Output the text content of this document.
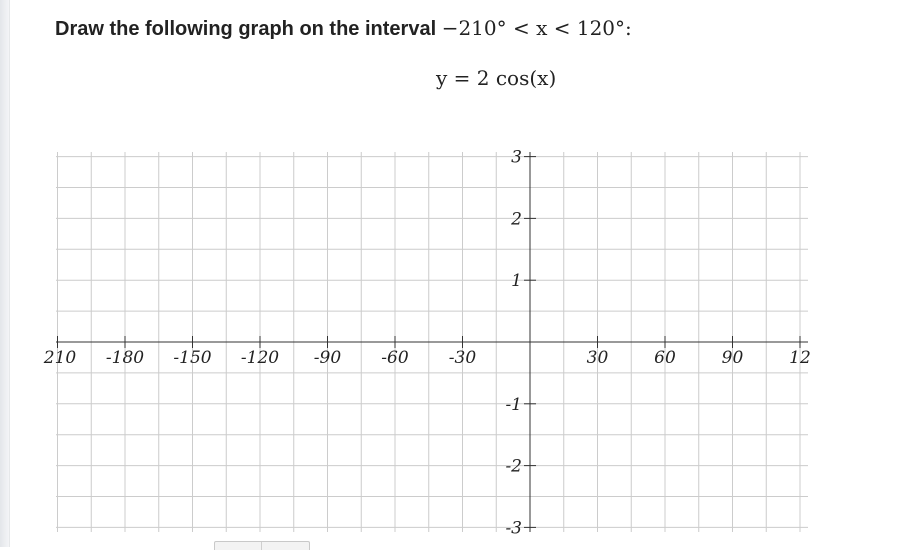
Draw the following graph on the interval −210° < x < 120°:
y = 2 cos(x)
210 -180 -150 -120 -90 -60 -30	30	60	90	12
3
2
1
-1
-2
-3
